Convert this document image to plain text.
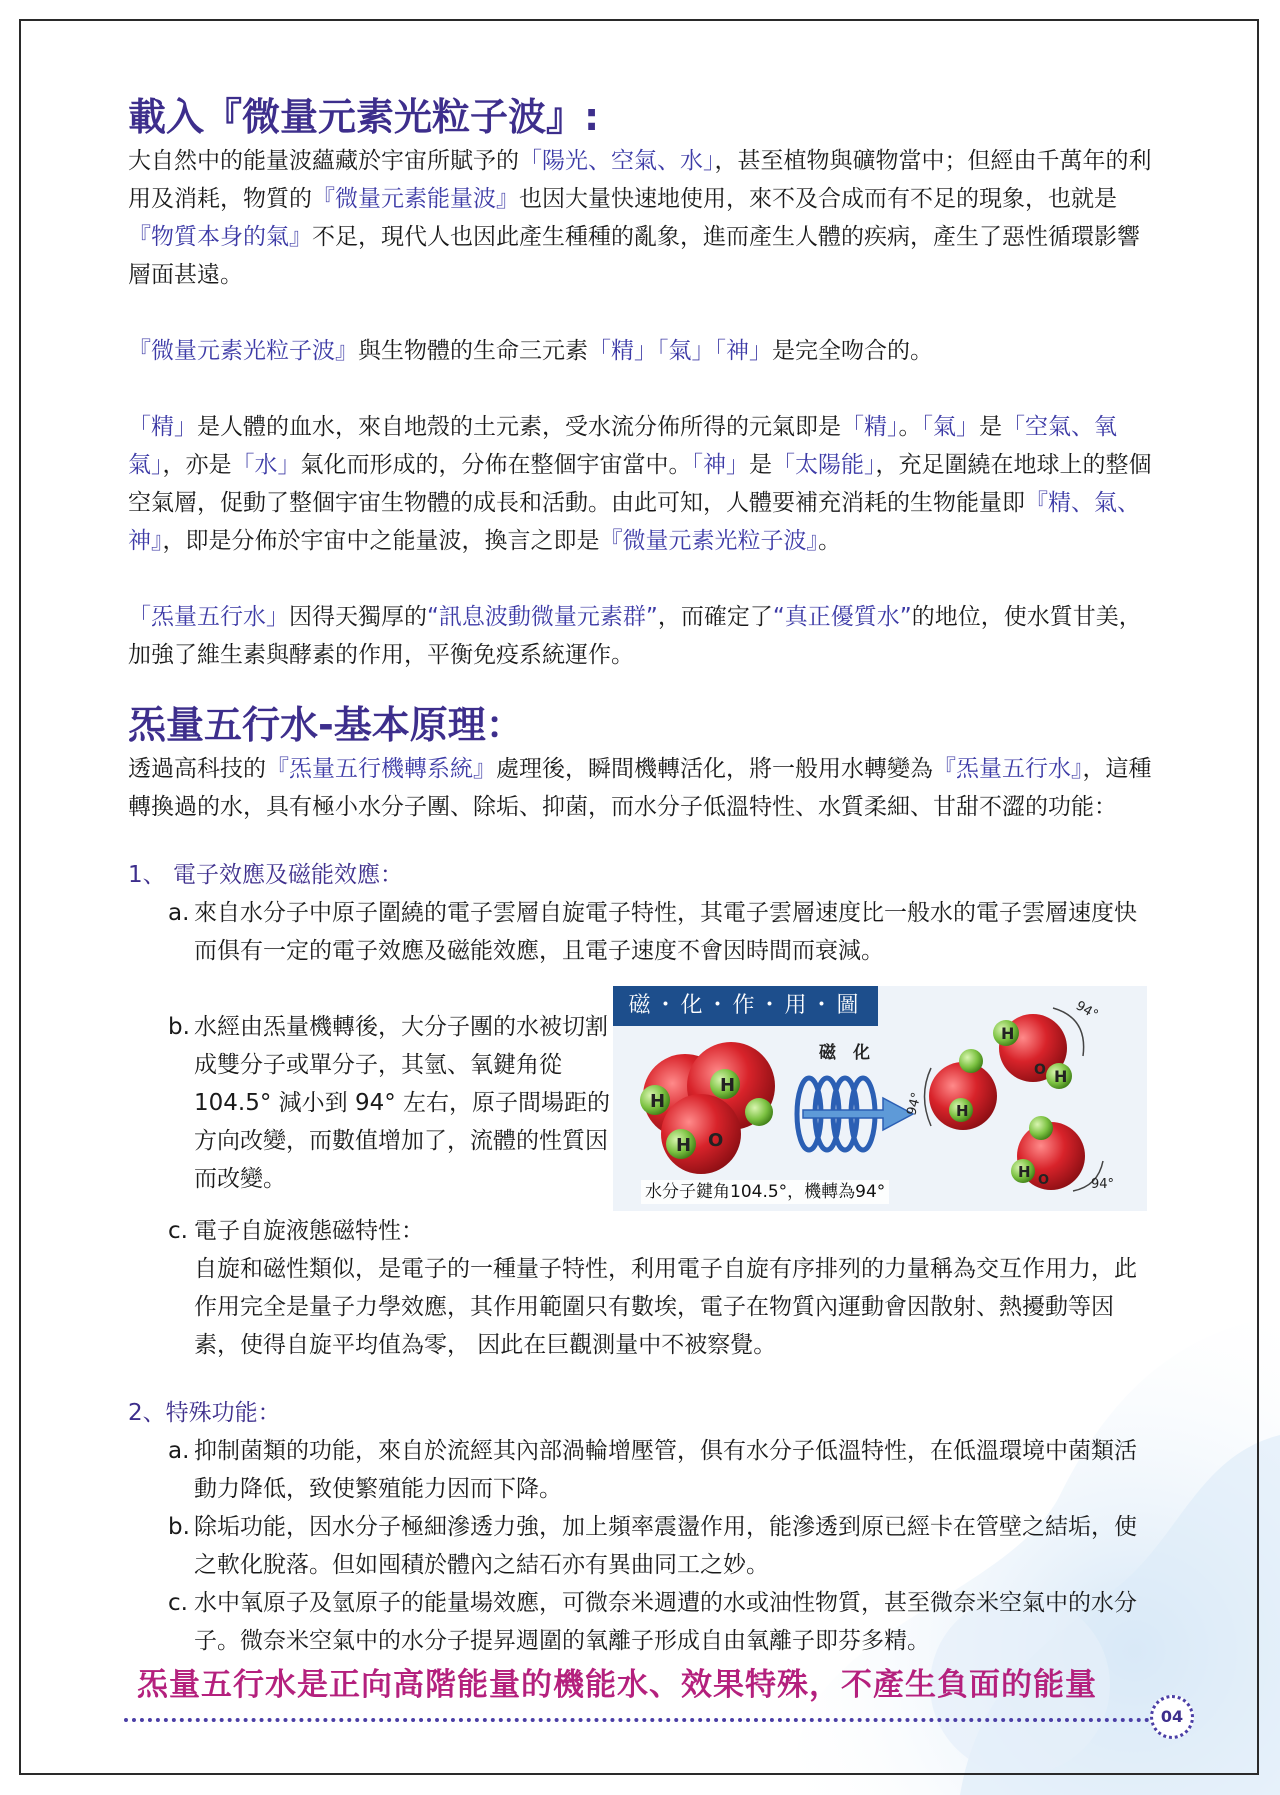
載入『微量元素光粒子波』:

大自然中的能量波蘊藏於宇宙所賦予的「陽光、空氣、水」，甚至植物與礦物當中；但經由千萬年的利用及消耗，物質的『微量元素能量波』也因大量快速地使用，來不及合成而有不足的現象，也就是『物質本身的氣』不足，現代人也因此產生種種的亂象，進而產生人體的疾病，產生了惡性循環影響層面甚遠。

『微量元素光粒子波』與生物體的生命三元素「精」「氣」「神」是完全吻合的。

「精」是人體的血水，來自地殼的土元素，受水流分佈所得的元氣即是「精」。「氣」是「空氣、氧氣」，亦是「水」氣化而形成的，分佈在整個宇宙當中。「神」是「太陽能」，充足圍繞在地球上的整個空氣層，促動了整個宇宙生物體的成長和活動。由此可知，人體要補充消耗的生物能量即『精、氣、神』，即是分佈於宇宙中之能量波，換言之即是『微量元素光粒子波』。

「炁量五行水」因得天獨厚的“訊息波動微量元素群”，而確定了“真正優質水”的地位，使水質甘美，加強了維生素與酵素的作用，平衡免疫系統運作。

炁量五行水-基本原理：

透過高科技的『炁量五行機轉系統』處理後，瞬間機轉活化，將一般用水轉變為『炁量五行水』，這種轉換過的水，具有極小水分子團、除垢、抑菌，而水分子低溫特性、水質柔細、甘甜不澀的功能：

1、 電子效應及磁能效應：
a. 來自水分子中原子圍繞的電子雲層自旋電子特性，其電子雲層速度比一般水的電子雲層速度快而俱有一定的電子效應及磁能效應，且電子速度不會因時間而衰減。
b. 水經由炁量機轉後，大分子團的水被切割成雙分子或單分子，其氫、氧鍵角從 104.5° 減小到 94° 左右，原子間場距的方向改變，而數值增加了，流體的性質因而改變。
c. 電子自旋液態磁特性：
自旋和磁性類似，是電子的一種量子特性，利用電子自旋有序排列的力量稱為交互作用力，此作用完全是量子力學效應，其作用範圍只有數埃，電子在物質內運動會因散射、熱擾動等因素，使得自旋平均值為零， 因此在巨觀測量中不被察覺。
2、特殊功能：
a. 抑制菌類的功能，來自於流經其內部渦輪增壓管，俱有水分子低溫特性，在低溫環境中菌類活動力降低，致使繁殖能力因而下降。
b. 除垢功能，因水分子極細滲透力強，加上頻率震盪作用，能滲透到原已經卡在管壁之結垢，使之軟化脫落。但如囤積於體內之結石亦有異曲同工之妙。
c. 水中氧原子及氫原子的能量場效應，可微奈米週遭的水或油性物質，甚至微奈米空氣中的水分子。微奈米空氣中的水分子提昇週圍的氧離子形成自由氧離子即芬多精。
H
H
H O
磁　化
H
H
O
H
H O
94°
94°
94°
磁・化・作・用・圖
水分子鍵角104.5°，機轉為94°
炁量五行水是正向高階能量的機能水、效果特殊，不產生負面的能量
04
